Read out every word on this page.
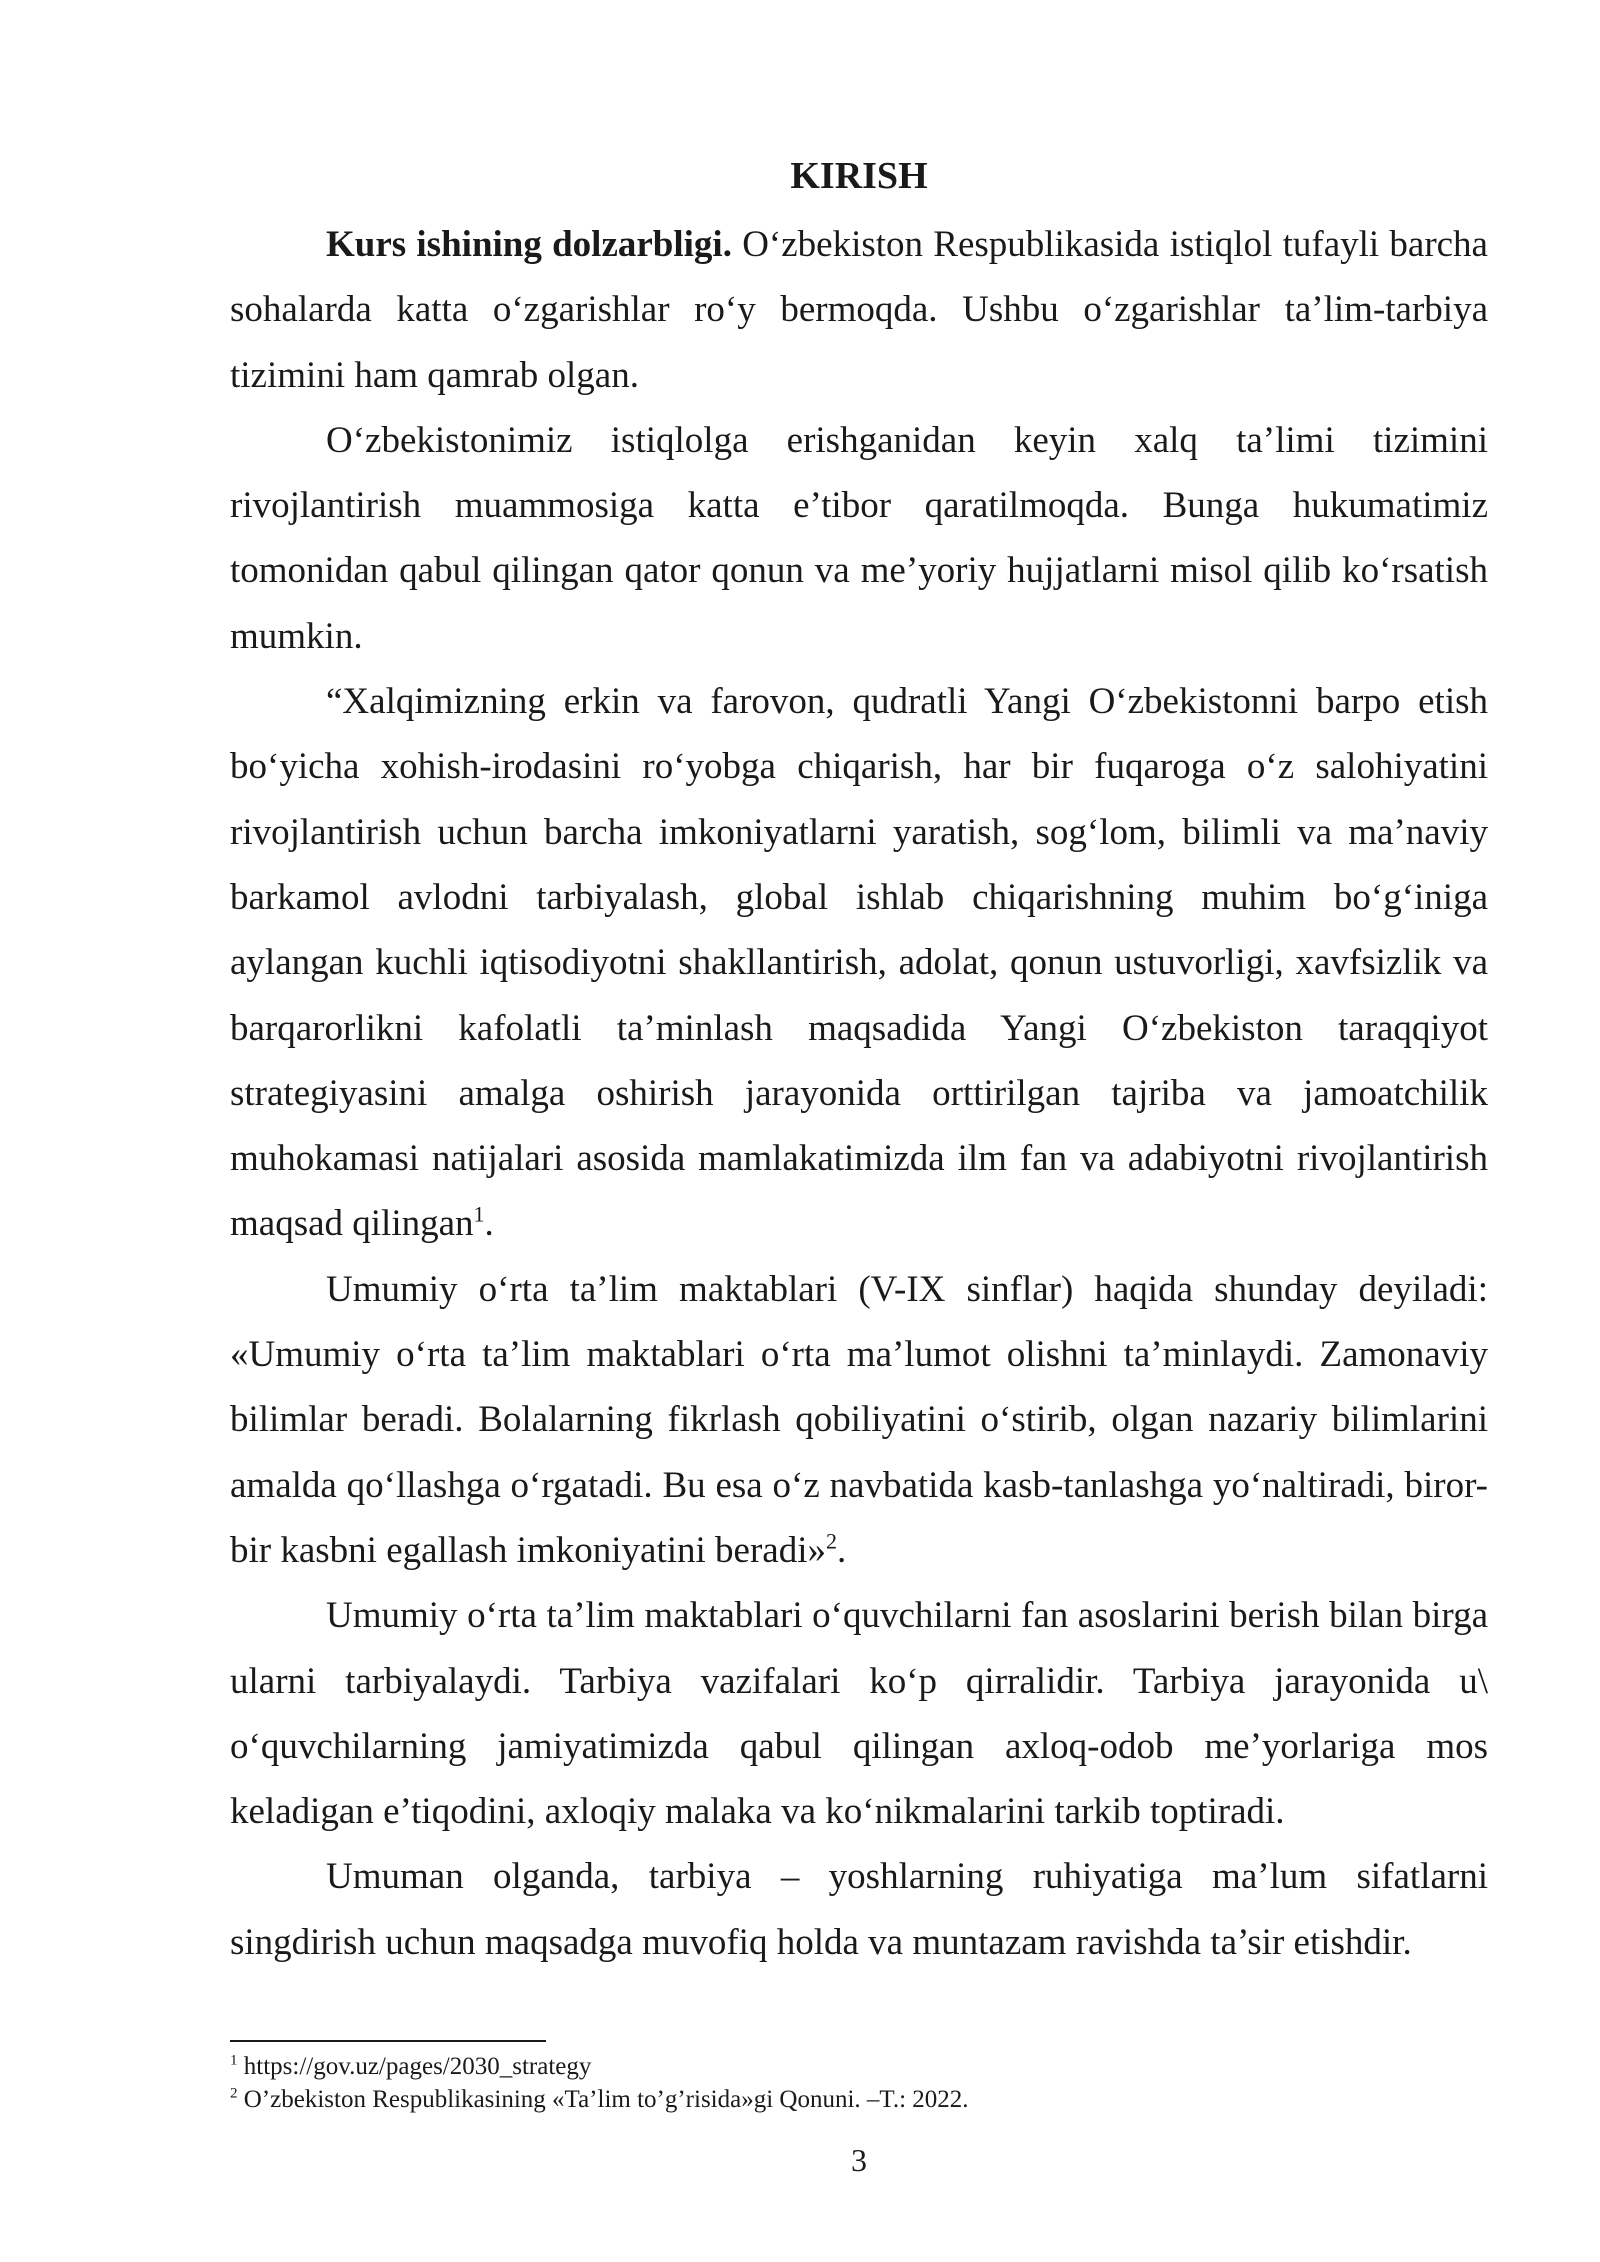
KIRISH

Kurs ishining dolzarbligi. O‘zbekiston Respublikasida istiqlol tufayli barcha sohalarda katta o‘zgarishlar ro‘y bermoqda. Ushbu o‘zgarishlar ta’lim-tarbiya tizimini ham qamrab olgan.

O‘zbekistonimiz istiqlolga erishganidan keyin xalq ta’limi tizimini rivojlantirish muammosiga katta e’tibor qaratilmoqda. Bunga hukumatimiz tomonidan qabul qilingan qator qonun va me’yoriy hujjatlarni misol qilib ko‘rsatish mumkin.

“Xalqimizning erkin va farovon, qudratli Yangi O‘zbekistonni barpo etish bo‘yicha xohish-irodasini ro‘yobga chiqarish, har bir fuqaroga o‘z salohiyatini rivojlantirish uchun barcha imkoniyatlarni yaratish, sog‘lom, bilimli va ma’naviy barkamol avlodni tarbiyalash, global ishlab chiqarishning muhim bo‘g‘iniga aylangan kuchli iqtisodiyotni shakllantirish, adolat, qonun ustuvorligi, xavfsizlik va barqarorlikni kafolatli ta’minlash maqsadida Yangi O‘zbekiston taraqqiyot strategiyasini amalga oshirish jarayonida orttirilgan tajriba va jamoatchilik muhokamasi natijalari asosida mamlakatimizda ilm fan va adabiyotni rivojlantirish maqsad qilingan$^1$.

Umumiy o‘rta ta’lim maktablari (V-IX sinflar) haqida shunday deyiladi: «Umumiy o‘rta ta’lim maktablari o‘rta ma’lumot olishni ta’minlaydi. Zamonaviy bilimlar beradi. Bolalarning fikrlash qobiliyatini o‘stirib, olgan nazariy bilimlarini amalda qo‘llashga o‘rgatadi. Bu esa o‘z navbatida kasb-tanlashga yo‘naltiradi, biror-bir kasbni egallash imkoniyatini beradi»$^2$.

Umumiy o‘rta ta’lim maktablari o‘quvchilarni fan asoslarini berish bilan birga ularni tarbiyalaydi. Tarbiya vazifalari ko‘p qirralidir. Tarbiya jarayonida u\ o‘quvchilarning jamiyatimizda qabul qilingan axloq-odob me’yorlariga mos keladigan e’tiqodini, axloqiy malaka va ko‘nikmalarini tarkib toptiradi.

Umuman olganda, tarbiya – yoshlarning ruhiyatiga ma’lum sifatlarni singdirish uchun maqsadga muvofiq holda va muntazam ravishda ta’sir etishdir.

$^1$ https://gov.uz/pages/2030_strategy
$^2$ O’zbekiston Respublikasining «Ta’lim to’g’risida»gi Qonuni. –T.: 2022.
3
